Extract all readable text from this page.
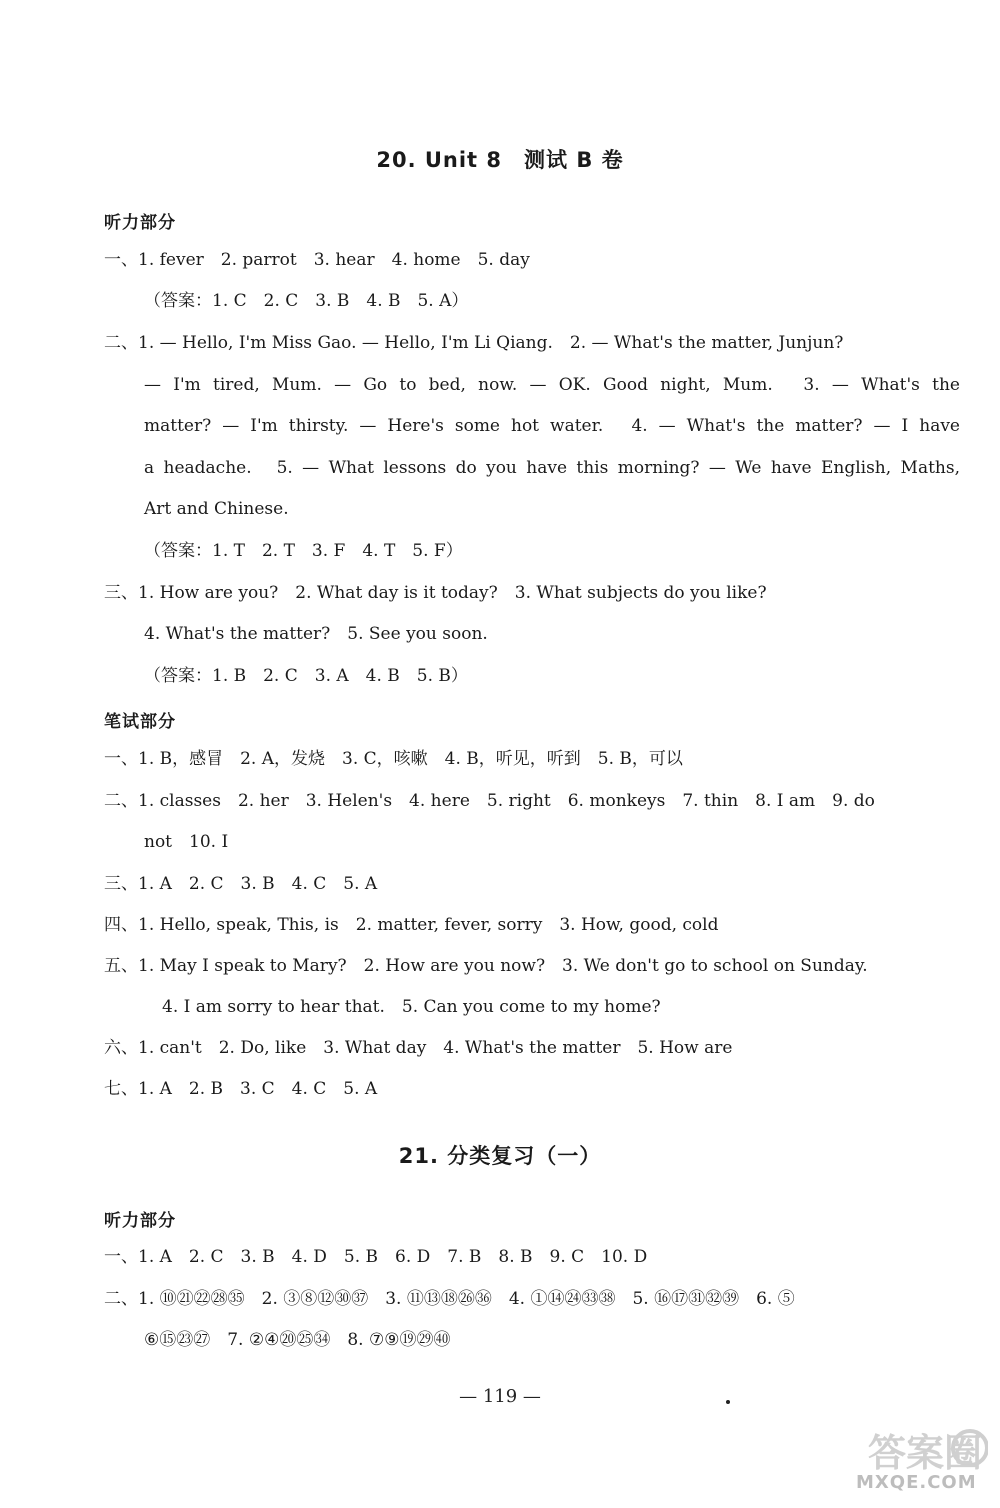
20. Unit 8　测试 B 卷
听力部分
一、1. fever　2. parrot　3. hear　4. home　5. day
（答案：1. C　2. C　3. B　4. B　5. A）
二、1. — Hello, I'm Miss Gao. — Hello, I'm Li Qiang.　2. — What's the matter, Junjun?
— I'm tired, Mum. — Go to bed, now. — OK. Good night, Mum.　3. — What's the
matter? — I'm thirsty. — Here's some hot water.　4. — What's the matter? — I have
a headache.　5. — What lessons do you have this morning? — We have English, Maths,
Art and Chinese.
（答案：1. T　2. T　3. F　4. T　5. F）
三、1. How are you?　2. What day is it today?　3. What subjects do you like?
4. What's the matter?　5. See you soon.
（答案：1. B　2. C　3. A　4. B　5. B）
笔试部分
一、1. B，感冒　2. A，发烧　3. C，咳嗽　4. B，听见，听到　5. B，可以
二、1. classes　2. her　3. Helen's　4. here　5. right　6. monkeys　7. thin　8. I am　9. do
not　10. I
三、1. A　2. C　3. B　4. C　5. A
四、1. Hello, speak, This, is　2. matter, fever, sorry　3. How, good, cold
五、1. May I speak to Mary?　2. How are you now?　3. We don't go to school on Sunday.
4. I am sorry to hear that.　5. Can you come to my home?
六、1. can't　2. Do, like　3. What day　4. What's the matter　5. How are
七、1. A　2. B　3. C　4. C　5. A
21. 分类复习（一）
听力部分
一、1. A　2. C　3. B　4. D　5. B　6. D　7. B　8. B　9. C　10. D
二、1. ⑩㉑㉒㉘㉟　2. ③⑧⑫㉚㊲　3. ⑪⑬⑱㉖㊱　4. ①⑭㉔㉝㊳　5. ⑯⑰㉛㉜㊴　6. ⑤
⑥⑮㉓㉗　7. ②④⑳㉕㉞　8. ⑦⑨⑲㉙㊵
— 119 —
答案圈
MXQE.COM
